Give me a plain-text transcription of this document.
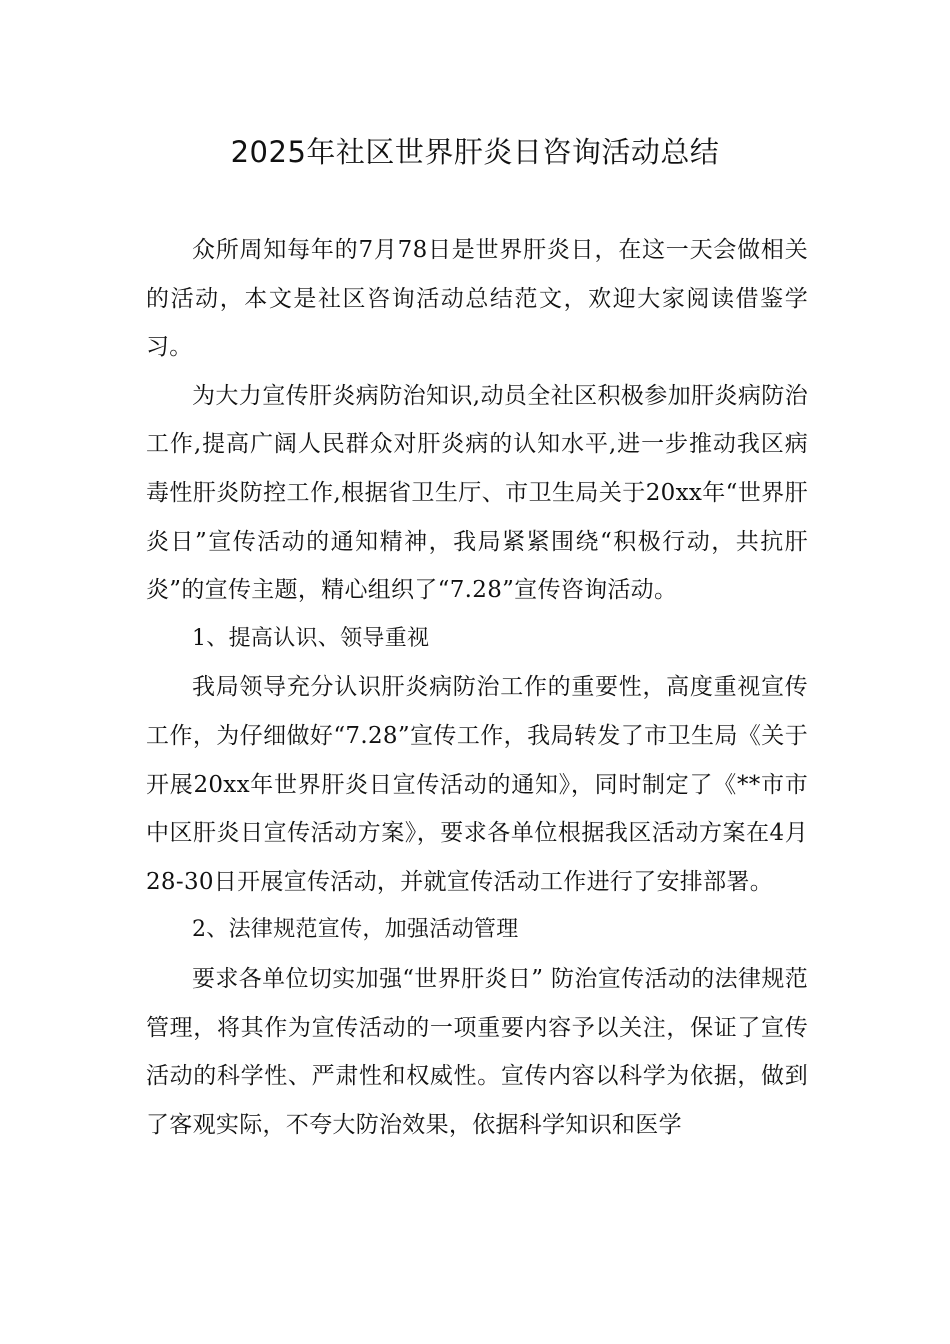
2025年社区世界肝炎日咨询活动总结

众所周知每年的7月78日是世界肝炎日，在这一天会做相关的活动，本文是社区咨询活动总结范文，欢迎大家阅读借鉴学习。

为大力宣传肝炎病防治知识,动员全社区积极参加肝炎病防治工作,提高广阔人民群众对肝炎病的认知水平,进一步推动我区病毒性肝炎防控工作,根据省卫生厅、市卫生局关于20xx年“世界肝炎日”宣传活动的通知精神，我局紧紧围绕“积极行动，共抗肝炎”的宣传主题，精心组织了“7.28”宣传咨询活动。

1、提高认识、领导重视

我局领导充分认识肝炎病防治工作的重要性，高度重视宣传工作，为仔细做好“7.28”宣传工作，我局转发了市卫生局《关于开展20xx年世界肝炎日宣传活动的通知》，同时制定了《**市市中区肝炎日宣传活动方案》，要求各单位根据我区活动方案在4月28-30日开展宣传活动，并就宣传活动工作进行了安排部署。

2、法律规范宣传，加强活动管理

要求各单位切实加强“世界肝炎日” 防治宣传活动的法律规范管理，将其作为宣传活动的一项重要内容予以关注，保证了宣传活动的科学性、严肃性和权威性。宣传内容以科学为依据，做到了客观实际，不夸大防治效果，依据科学知识和医学
